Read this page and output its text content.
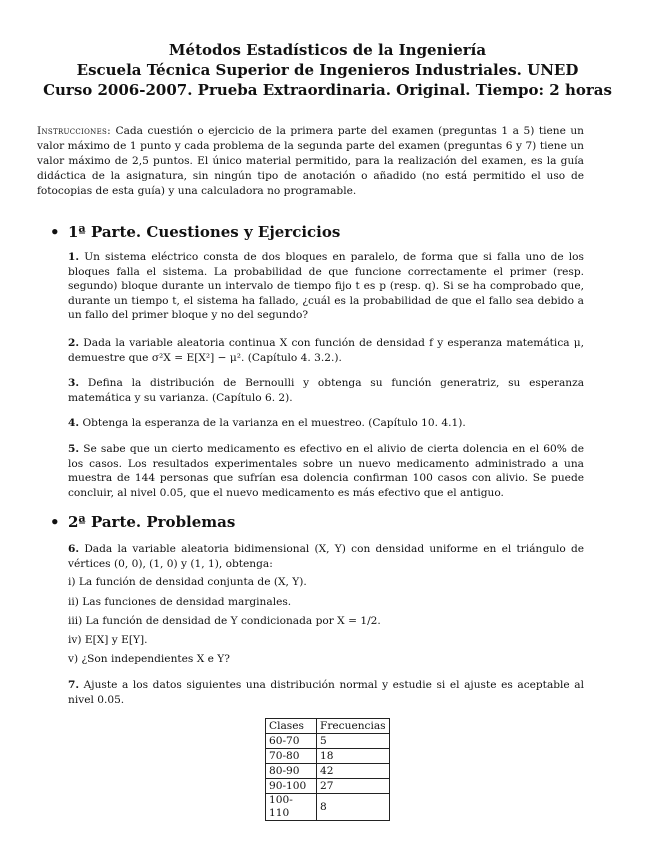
Métodos Estadísticos de la Ingeniería
Escuela Técnica Superior de Ingenieros Industriales. UNED
Curso 2006-2007. Prueba Extraordinaria. Original. Tiempo: 2 horas
Instrucciones: Cada cuestión o ejercicio de la primera parte del examen (preguntas 1 a 5) tiene un valor máximo de 1 punto y cada problema de la segunda parte del examen (preguntas 6 y 7) tiene un valor máximo de 2,5 puntos. El único material permitido, para la realización del examen, es la guía didáctica de la asignatura, sin ningún tipo de anotación o añadido (no está permitido el uso de fotocopias de esta guía) y una calculadora no programable.
• 1ª Parte. Cuestiones y Ejercicios
1. Un sistema eléctrico consta de dos bloques en paralelo, de forma que si falla uno de los bloques falla el sistema. La probabilidad de que funcione correctamente el primer (resp. segundo) bloque durante un intervalo de tiempo fijo t es p (resp. q). Si se ha comprobado que, durante un tiempo t, el sistema ha fallado, ¿cuál es la probabilidad de que el fallo sea debido a un fallo del primer bloque y no del segundo?
2. Dada la variable aleatoria continua X con función de densidad f y esperanza matemática μ, demuestre que σ²X = E[X²] − μ². (Capítulo 4. 3.2.).
3. Defina la distribución de Bernoulli y obtenga su función generatriz, su esperanza matemática y su varianza. (Capítulo 6. 2).
4. Obtenga la esperanza de la varianza en el muestreo. (Capítulo 10. 4.1).
5. Se sabe que un cierto medicamento es efectivo en el alivio de cierta dolencia en el 60% de los casos. Los resultados experimentales sobre un nuevo medicamento administrado a una muestra de 144 personas que sufrían esa dolencia confirman 100 casos con alivio. Se puede concluir, al nivel 0.05, que el nuevo medicamento es más efectivo que el antiguo.
• 2ª Parte. Problemas
6. Dada la variable aleatoria bidimensional (X, Y) con densidad uniforme en el triángulo de vértices (0, 0), (1, 0) y (1, 1), obtenga:
i) La función de densidad conjunta de (X, Y).
ii) Las funciones de densidad marginales.
iii) La función de densidad de Y condicionada por X = 1/2.
iv) E[X] y E[Y].
v) ¿Son independientes X e Y?
7. Ajuste a los datos siguientes una distribución normal y estudie si el ajuste es aceptable al nivel 0.05.
Clases	Frecuencias
60-70	5
70-80	18
80-90	42
90-100	27
100-110	8
